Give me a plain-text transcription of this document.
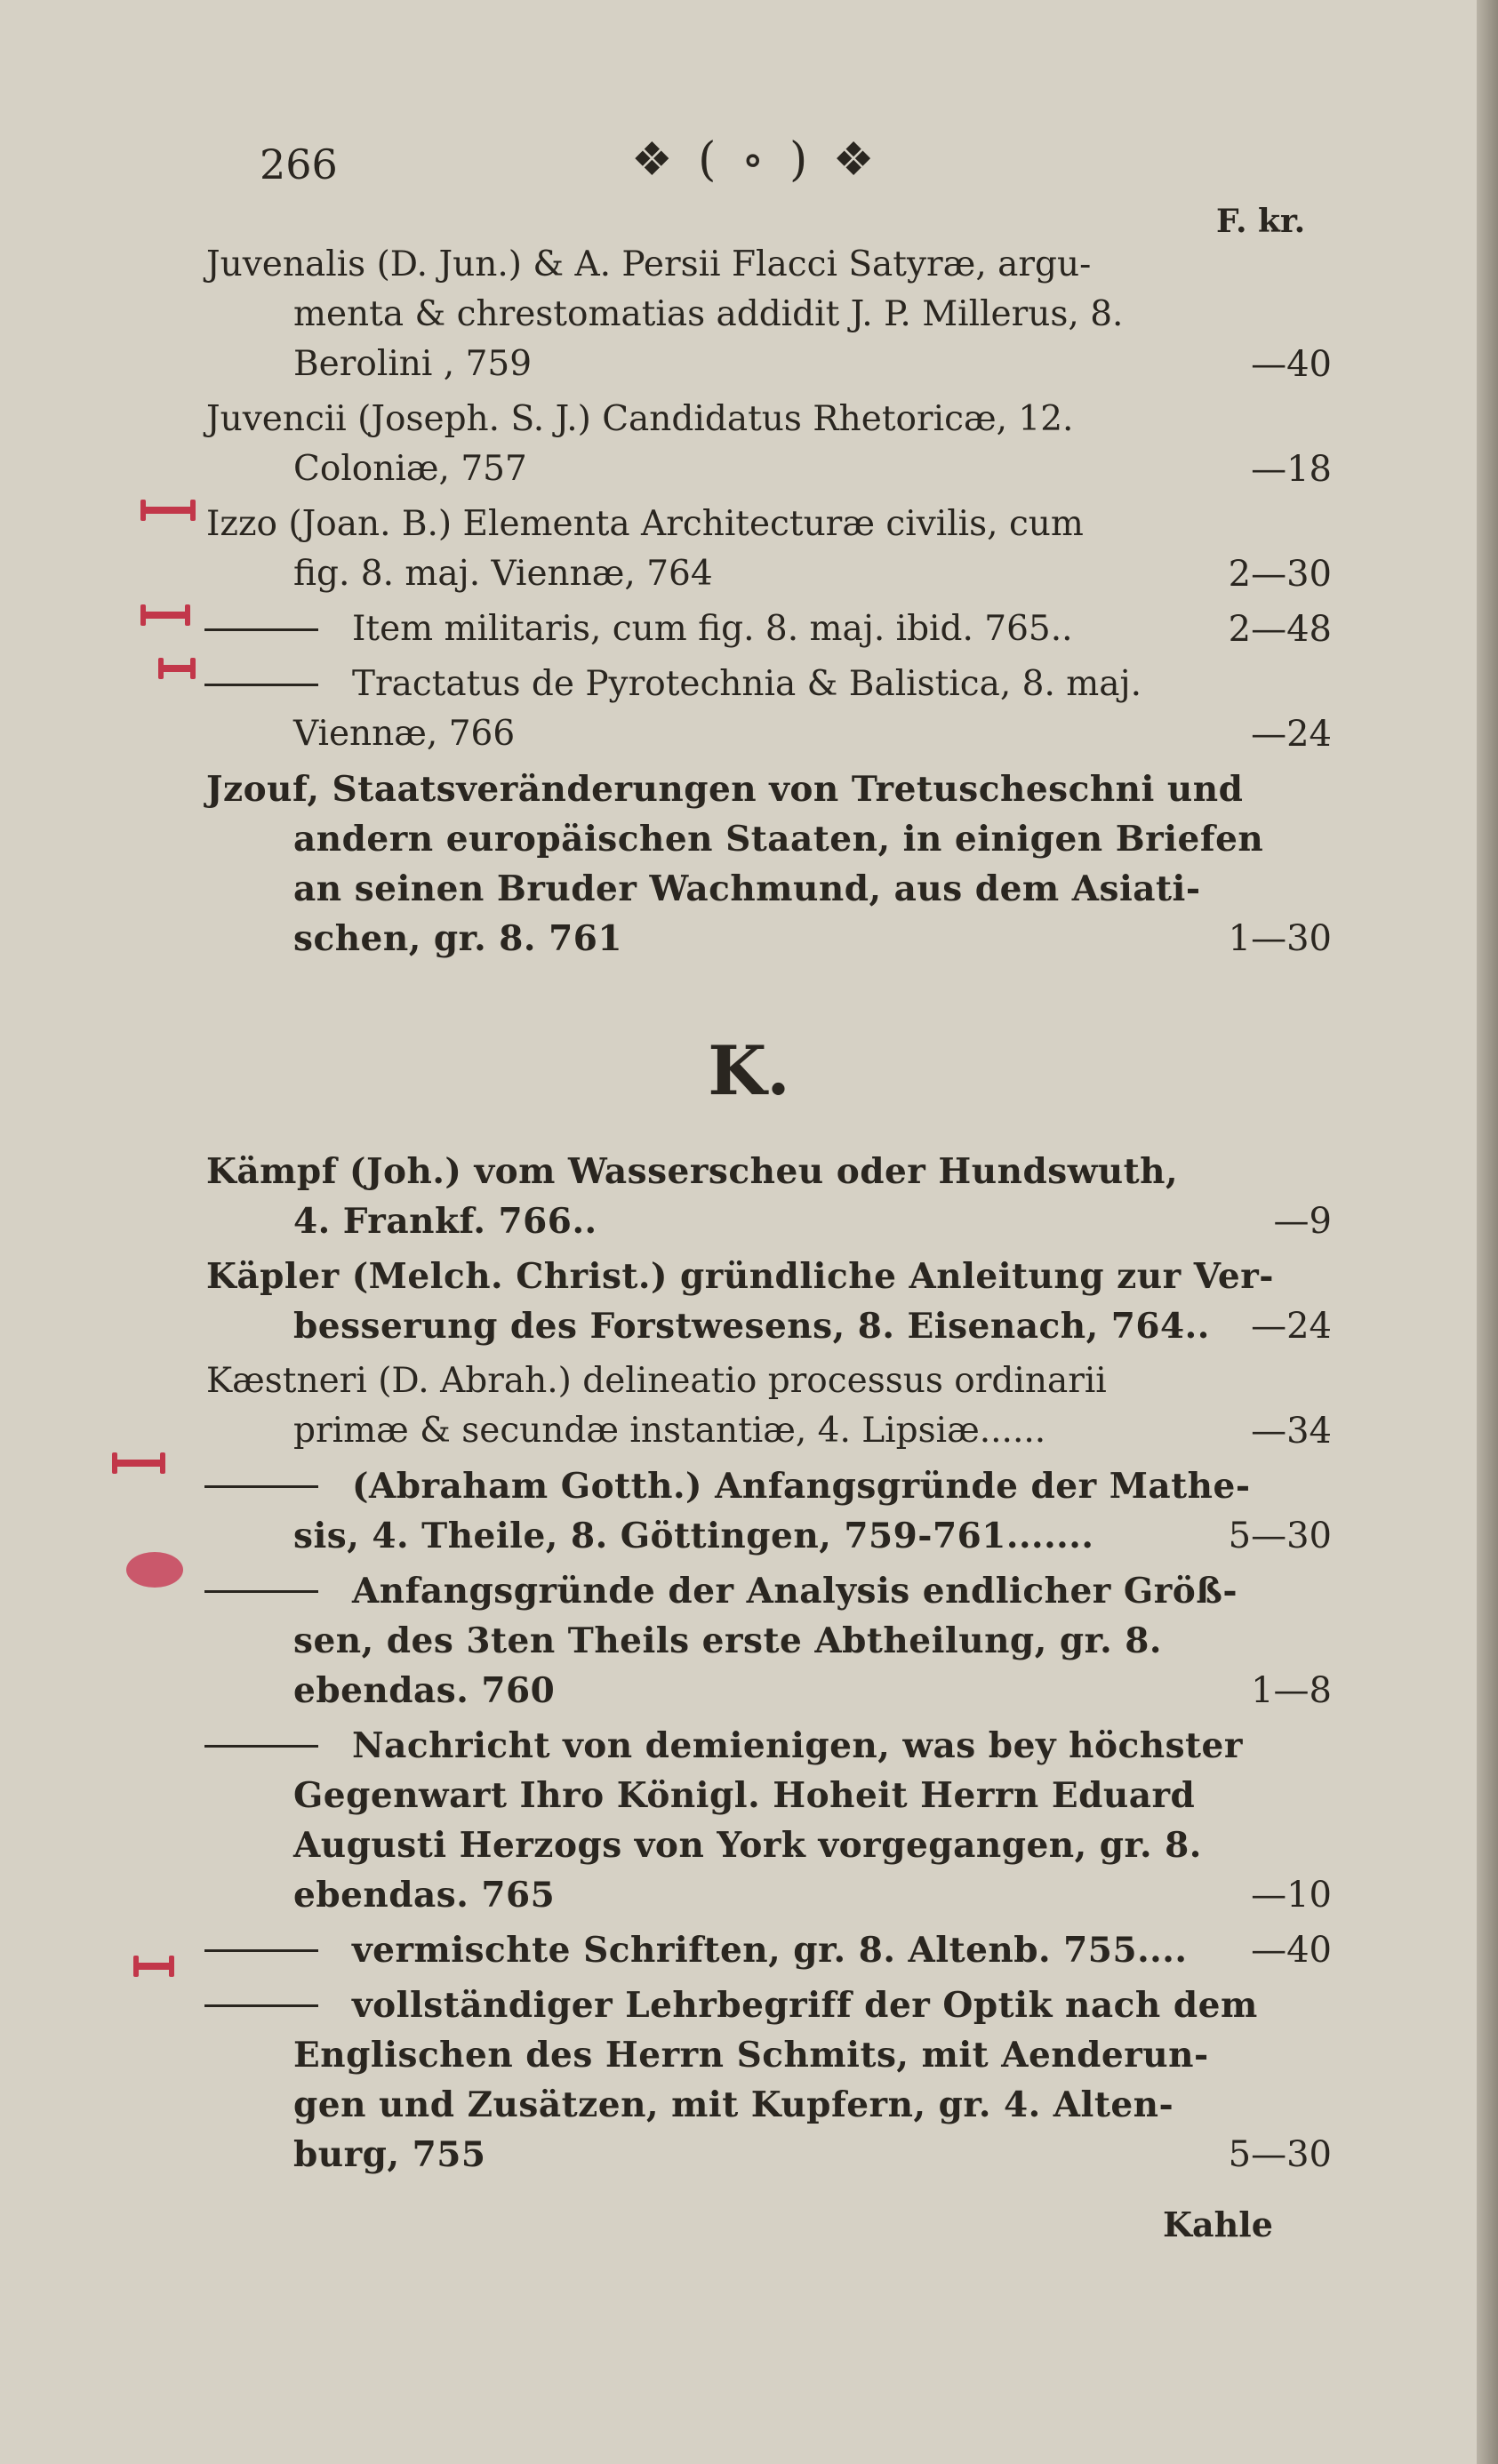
266	❖ ( ∘ ) ❖
F. kr.
Juvenalis (D. Jun.) & A. Persii Flacci Satyræ, argu-
menta & chrestomatias addidit J. P. Millerus, 8.
Berolini , 759	—40
Juvencii (Joseph. S. J.) Candidatus Rhetoricæ, 12.
Coloniæ, 757	—18
Izzo (Joan. B.) Elementa Architecturæ civilis, cum
fig. 8. maj. Viennæ, 764	2—30
Item militaris, cum fig. 8. maj. ibid. 765..	2—48
Tractatus de Pyrotechnia & Balistica, 8. maj.
Viennæ, 766	—24
Jzouf, Staatsveränderungen von Tretuscheschni und
andern europäischen Staaten, in einigen Briefen
an seinen Bruder Wachmund, aus dem Asiati-
schen, gr. 8. 761	1—30
K.
Kämpf (Joh.) vom Wasserscheu oder Hundswuth,
4. Frankf. 766..	—9
Käpler (Melch. Christ.) gründliche Anleitung zur Ver-
besserung des Forstwesens, 8. Eisenach, 764..	—24
Kæstneri (D. Abrah.) delineatio processus ordinarii
primæ & secundæ instantiæ, 4. Lipsiæ......	—34
(Abraham Gotth.) Anfangsgründe der Mathe-
sis, 4. Theile, 8. Göttingen, 759-761.......	5—30
Anfangsgründe der Analysis endlicher Größ-
sen, des 3ten Theils erste Abtheilung, gr. 8.
ebendas. 760	1—8
Nachricht von demienigen, was bey höchster
Gegenwart Ihro Königl. Hoheit Herrn Eduard
Augusti Herzogs von York vorgegangen, gr. 8.
ebendas. 765	—10
vermischte Schriften, gr. 8. Altenb. 755....	—40
vollständiger Lehrbegriff der Optik nach dem
Englischen des Herrn Schmits, mit Aenderun-
gen und Zusätzen, mit Kupfern, gr. 4. Alten-
burg, 755	5—30
Kahle
